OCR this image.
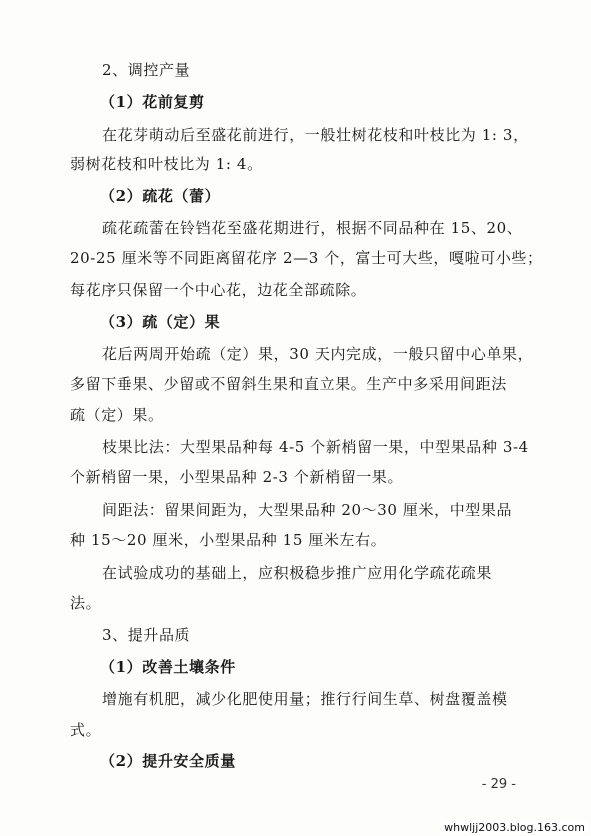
2、调控产量
（1）花前复剪
在花芽萌动后至盛花前进行，一般壮树花枝和叶枝比为 1: 3，
弱树花枝和叶枝比为 1: 4。
（2）疏花（蕾）
疏花疏蕾在铃铛花至盛花期进行，根据不同品种在 15、20、
20-25 厘米等不同距离留花序 2—3 个，富士可大些，嘎啦可小些；
每花序只保留一个中心花，边花全部疏除。
（3）疏（定）果
花后两周开始疏（定）果，30 天内完成，一般只留中心单果，
多留下垂果、少留或不留斜生果和直立果。生产中多采用间距法
疏（定）果。
枝果比法：大型果品种每 4-5 个新梢留一果，中型果品种 3-4
个新梢留一果，小型果品种 2-3 个新梢留一果。
间距法：留果间距为，大型果品种 20～30 厘米，中型果品
种 15～20 厘米，小型果品种 15 厘米左右。
在试验成功的基础上，应积极稳步推广应用化学疏花疏果
法。
3、提升品质
（1）改善土壤条件
增施有机肥，减少化肥使用量；推行行间生草、树盘覆盖模
式。
（2）提升安全质量
- 29 -
whwljj2003.blog.163.com
